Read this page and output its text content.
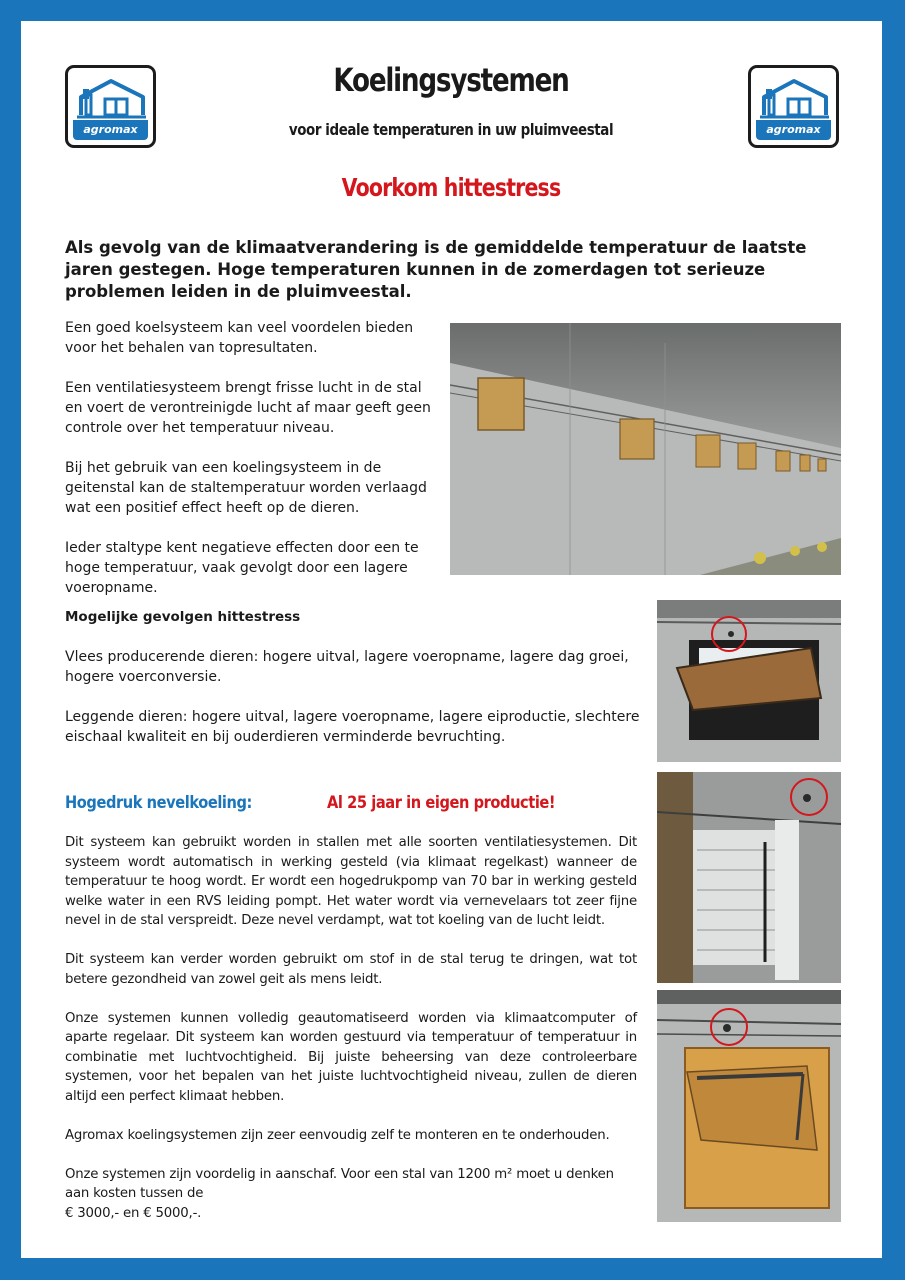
agromax	agromax
Koelingsystemen
voor ideale temperaturen in uw pluimveestal
Voorkom hittestress
Als gevolg van de klimaatverandering is de gemiddelde temperatuur de laatste jaren gestegen. Hoge temperaturen kunnen in de zomerdagen tot serieuze problemen leiden in de pluimveestal.

Een goed koelsysteem kan veel voordelen bieden voor het behalen van topresultaten.

Een ventilatiesysteem brengt frisse lucht in de stal en voert de verontreinigde lucht af maar geeft geen controle over het temperatuur niveau.

Bij het gebruik van een koelingsysteem in de geitenstal kan de staltemperatuur worden verlaagd wat een positief effect heeft op de dieren.

Ieder staltype kent negatieve effecten door een te hoge temperatuur, vaak gevolgt door een lagere voeropname.

Mogelijke gevolgen hittestress

Vlees producerende dieren: hogere uitval, lagere voeropname, lagere dag groei, hogere voerconversie.

Leggende dieren: hogere uitval, lagere voeropname, lagere eiproductie, slechtere eischaal kwaliteit en bij ouderdieren verminderde bevruchting.

Hogedruk nevelkoeling:	Al 25 jaar in eigen productie!

Dit systeem kan gebruikt worden in stallen met alle soorten ventilatiesystemen. Dit systeem wordt automatisch in werking gesteld (via klimaat regelkast) wanneer de temperatuur te hoog wordt. Er wordt een hogedrukpomp van 70 bar in werking gesteld welke water in een RVS leiding pompt. Het water wordt via vernevelaars tot zeer fijne nevel in de stal verspreidt. Deze nevel verdampt, wat tot koeling van de lucht leidt.

Dit systeem kan verder worden gebruikt om stof in de stal terug te dringen, wat tot betere gezondheid van zowel geit als mens leidt.

Onze systemen kunnen volledig geautomatiseerd worden via klimaatcomputer of aparte regelaar. Dit systeem kan worden gestuurd via temperatuur of temperatuur in combinatie met luchtvochtigheid. Bij juiste beheersing van deze controleerbare systemen, voor het bepalen van het juiste luchtvochtigheid niveau, zullen de dieren altijd een perfect klimaat hebben.

Agromax koelingsystemen zijn zeer eenvoudig zelf te monteren en te onderhouden.

Onze systemen zijn voordelig in aanschaf. Voor een stal van 1200 m² moet u denken aan kosten tussen de

€ 3000,- en € 5000,-.
